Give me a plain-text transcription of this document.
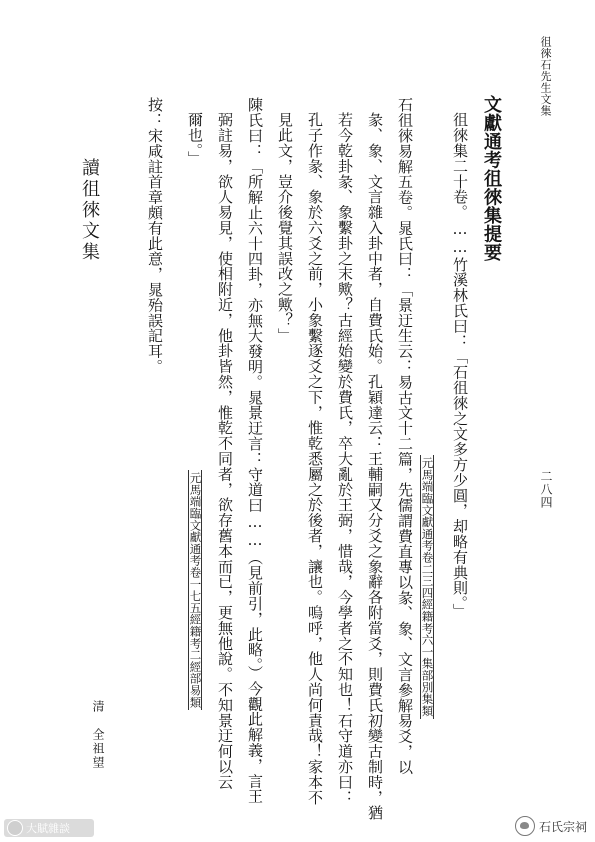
徂徠石先生文集
二八四
文獻通考徂徠集提要
徂徠集二十卷。……竹溪林氏曰：「石徂徠之文多方少圓，却略有典則。」
元馬端臨文獻通考卷二三四經籍考六一集部別集類
石徂徠易解五卷。晁氏曰：「景迂生云：易古文十二篇，先儒謂費直專以彖、象、文言參解易爻，以
彖、象、文言雜入卦中者，自費氏始。孔穎達云：王輔嗣又分爻之象辭各附當爻，則費氏初變古制時，猶
若今乾卦彖、象繫卦之末歟？古經始變於費氏，卒大亂於王弼，惜哉，今學者之不知也！石守道亦曰：
孔子作彖、象於六爻之前，小象繫逐爻之下，惟乾悉屬之於後者，讓也。嗚呼，他人尚何責哉！家本不
見此文，豈介後覺其誤改之歟？」
陳氏曰：「所解止六十四卦，亦無大發明。晁景迂言：守道曰……（見前引，此略。）今觀此解義，言王
弼註易，欲人易見，使相附近，他卦皆然，惟乾不同者，欲存舊本而已，更無他說。不知景迂何以云
爾也。」
元馬端臨文獻通考卷一七五經籍考二經部易類
按：宋咸註首章頗有此意，晁殆誤記耳。
讀徂徠文集
清　全祖望
大賦雜談	石氏宗祠
